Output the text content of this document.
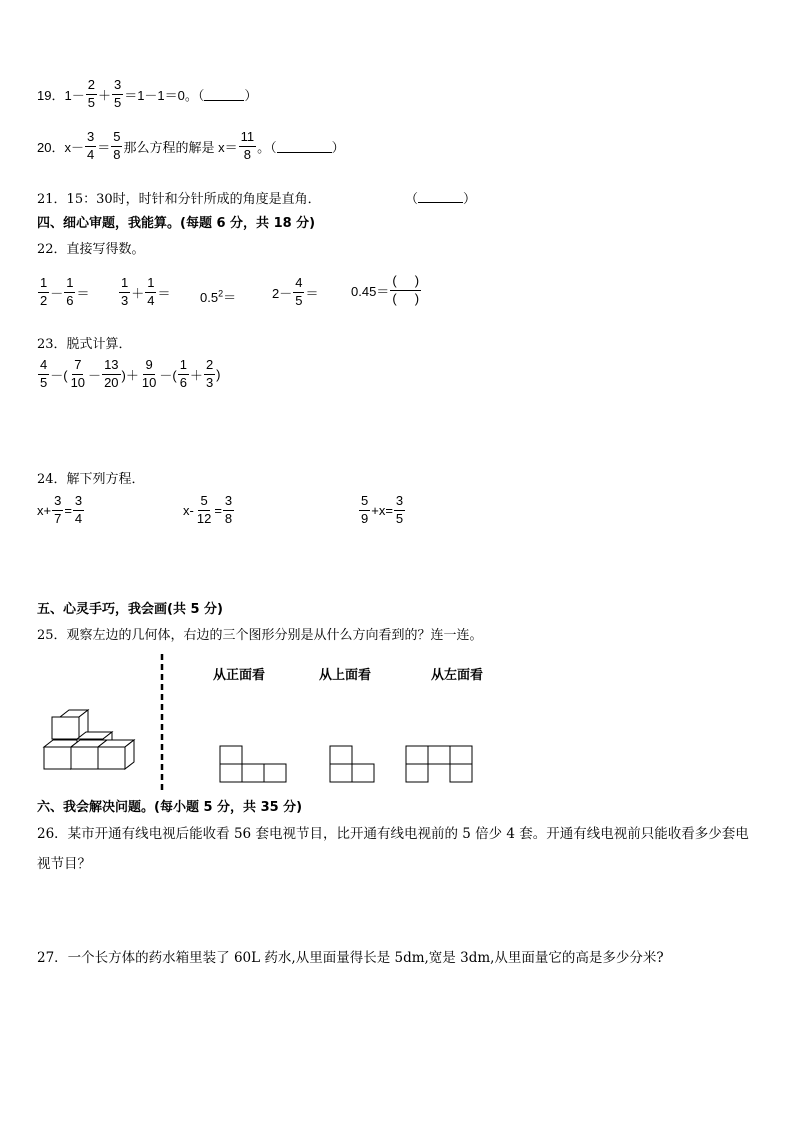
19． $1- \frac{2}{5} + \frac{3}{5} =1-1=0$。（	）
20． $x- \frac{3}{4} = \frac{5}{8}$ 那么方程的解是 $x= \frac{11}{8}$ 。（	）
21．15：30时，时针和分针所成的角度是直角．	（	）
四、细心审题，我能算。(每题 6 分，共 18 分)
22．直接写得数。
$\frac{1}{2} - \frac{1}{6} = \frac{1}{3} + \frac{1}{4} = 0.5^2=$	$2- \frac{4}{5}$ ＝	$0.45= \frac{( )}{( )}$
23．脱式计算．
$\frac{4}{5}$ －( $\frac{7}{10} - \frac{13}{20}$ )＋ $\frac{9}{10}$ －( $\frac{1}{6} + \frac{2}{3}$ )
24．解下列方程．
$x+ \frac{3}{7} = \frac{3}{4}$	$x- \frac{5}{12} = \frac{3}{8}$	$\frac{5}{9} +x= \frac{3}{5}$
五、心灵手巧，我会画(共 5 分)
25．观察左边的几何体，右边的三个图形分别是从什么方向看到的？连一连。
从正面看	从上面看	从左面看
六、我会解决问题。(每小题 5 分，共 35 分)
26．某市开通有线电视后能收看 56 套电视节目，比开通有线电视前的 5 倍少 4 套。开通有线电视前只能收看多少套电
视节目？
27．一个长方体的药水箱里装了 60L 药水,从里面量得长是 5dm,宽是 3dm,从里面量它的高是多少分米?
